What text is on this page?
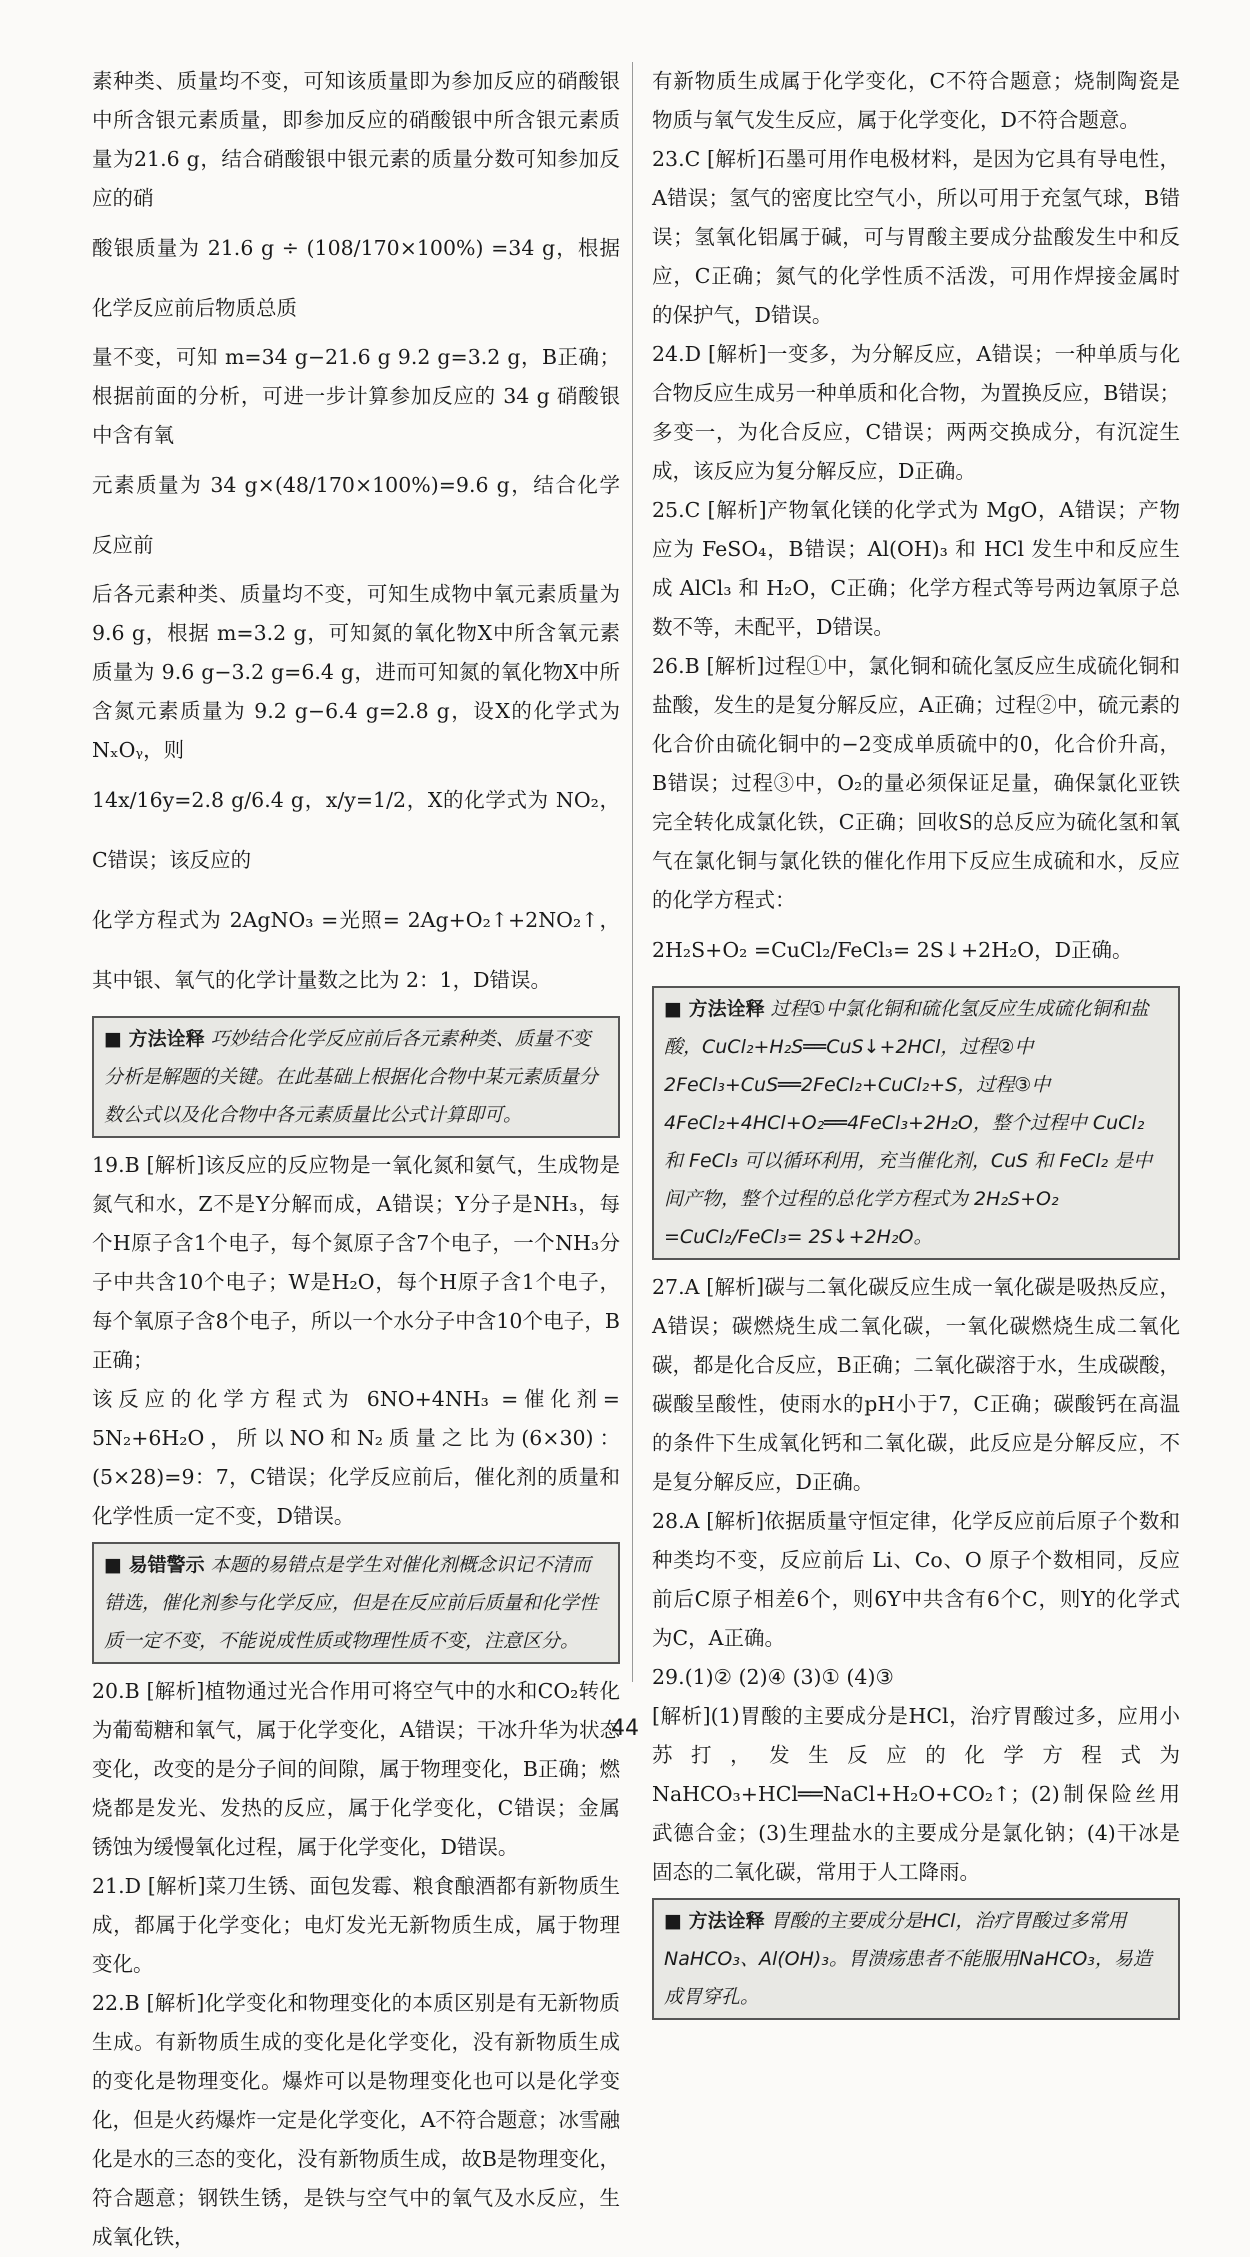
素种类、质量均不变，可知该质量即为参加反应的硝酸银中所含银元素质量，即参加反应的硝酸银中所含银元素质量为21.6 g，结合硝酸银中银元素的质量分数可知参加反应的硝

酸银质量为 21.6 g ÷ (108/170×100%) =34 g，根据化学反应前后物质总质

量不变，可知 m=34 g−21.6 g 9.2 g=3.2 g，B正确；根据前面的分析，可进一步计算参加反应的 34 g 硝酸银中含有氧

元素质量为 34 g×(48/170×100%)=9.6 g，结合化学反应前

后各元素种类、质量均不变，可知生成物中氧元素质量为9.6 g，根据 m=3.2 g，可知氮的氧化物X中所含氧元素质量为 9.6 g−3.2 g=6.4 g，进而可知氮的氧化物X中所含氮元素质量为 9.2 g−6.4 g=2.8 g，设X的化学式为 NₓOᵧ，则

14x/16y=2.8 g/6.4 g，x/y=1/2，X的化学式为 NO₂，C错误；该反应的

化学方程式为 2AgNO₃ =光照= 2Ag+O₂↑+2NO₂↑，其中银、氧气的化学计量数之比为 2：1，D错误。

■ 方法诠释 巧妙结合化学反应前后各元素种类、质量不变分析是解题的关键。在此基础上根据化合物中某元素质量分数公式以及化合物中各元素质量比公式计算即可。

19.B [解析]该反应的反应物是一氧化氮和氨气，生成物是氮气和水，Z不是Y分解而成，A错误；Y分子是NH₃，每个H原子含1个电子，每个氮原子含7个电子，一个NH₃分子中共含10个电子；W是H₂O，每个H原子含1个电子，每个氧原子含8个电子，所以一个水分子中含10个电子，B正确；

该反应的化学方程式为 6NO+4NH₃ =催化剂= 5N₂+6H₂O，所以NO和N₂质量之比为(6×30)：(5×28)=9：7，C错误；化学反应前后，催化剂的质量和化学性质一定不变，D错误。

■ 易错警示 本题的易错点是学生对催化剂概念识记不清而错选，催化剂参与化学反应，但是在反应前后质量和化学性质一定不变，不能说成性质或物理性质不变，注意区分。

20.B [解析]植物通过光合作用可将空气中的水和CO₂转化为葡萄糖和氧气，属于化学变化，A错误；干冰升华为状态变化，改变的是分子间的间隙，属于物理变化，B正确；燃烧都是发光、发热的反应，属于化学变化，C错误；金属锈蚀为缓慢氧化过程，属于化学变化，D错误。

21.D [解析]菜刀生锈、面包发霉、粮食酿酒都有新物质生成，都属于化学变化；电灯发光无新物质生成，属于物理变化。

22.B [解析]化学变化和物理变化的本质区别是有无新物质生成。有新物质生成的变化是化学变化，没有新物质生成的变化是物理变化。爆炸可以是物理变化也可以是化学变化，但是火药爆炸一定是化学变化，A不符合题意；冰雪融化是水的三态的变化，没有新物质生成，故B是物理变化，符合题意；钢铁生锈，是铁与空气中的氧气及水反应，生成氧化铁，

有新物质生成属于化学变化，C不符合题意；烧制陶瓷是物质与氧气发生反应，属于化学变化，D不符合题意。

23.C [解析]石墨可用作电极材料，是因为它具有导电性，A错误；氢气的密度比空气小，所以可用于充氢气球，B错误；氢氧化铝属于碱，可与胃酸主要成分盐酸发生中和反应，C正确；氮气的化学性质不活泼，可用作焊接金属时的保护气，D错误。

24.D [解析]一变多，为分解反应，A错误；一种单质与化合物反应生成另一种单质和化合物，为置换反应，B错误；多变一，为化合反应，C错误；两两交换成分，有沉淀生成，该反应为复分解反应，D正确。

25.C [解析]产物氧化镁的化学式为 MgO，A错误；产物应为 FeSO₄，B错误；Al(OH)₃ 和 HCl 发生中和反应生成 AlCl₃ 和 H₂O，C正确；化学方程式等号两边氧原子总数不等，未配平，D错误。

26.B [解析]过程①中，氯化铜和硫化氢反应生成硫化铜和盐酸，发生的是复分解反应，A正确；过程②中，硫元素的化合价由硫化铜中的−2变成单质硫中的0，化合价升高，B错误；过程③中，O₂的量必须保证足量，确保氯化亚铁完全转化成氯化铁，C正确；回收S的总反应为硫化氢和氧气在氯化铜与氯化铁的催化作用下反应生成硫和水，反应的化学方程式：

2H₂S+O₂ =CuCl₂/FeCl₃= 2S↓+2H₂O，D正确。

■ 方法诠释 过程①中氯化铜和硫化氢反应生成硫化铜和盐酸，CuCl₂+H₂S══CuS↓+2HCl，过程②中 2FeCl₃+CuS══2FeCl₂+CuCl₂+S，过程③中 4FeCl₂+4HCl+O₂══4FeCl₃+2H₂O，整个过程中 CuCl₂ 和 FeCl₃ 可以循环利用，充当催化剂，CuS 和 FeCl₂ 是中间产物，整个过程的总化学方程式为 2H₂S+O₂ =CuCl₂/FeCl₃= 2S↓+2H₂O。

27.A [解析]碳与二氧化碳反应生成一氧化碳是吸热反应，A错误；碳燃烧生成二氧化碳，一氧化碳燃烧生成二氧化碳，都是化合反应，B正确；二氧化碳溶于水，生成碳酸，碳酸呈酸性，使雨水的pH小于7，C正确；碳酸钙在高温的条件下生成氧化钙和二氧化碳，此反应是分解反应，不是复分解反应，D正确。

28.A [解析]依据质量守恒定律，化学反应前后原子个数和种类均不变，反应前后 Li、Co、O 原子个数相同，反应前后C原子相差6个，则6Y中共含有6个C，则Y的化学式为C，A正确。

29.(1)② (2)④ (3)① (4)③

[解析](1)胃酸的主要成分是HCl，治疗胃酸过多，应用小苏打，发生反应的化学方程式为 NaHCO₃+HCl══NaCl+H₂O+CO₂↑；(2)制保险丝用武德合金；(3)生理盐水的主要成分是氯化钠；(4)干冰是固态的二氧化碳，常用于人工降雨。

■ 方法诠释 胃酸的主要成分是HCl，治疗胃酸过多常用NaHCO₃、Al(OH)₃。胃溃疡患者不能服用NaHCO₃，易造成胃穿孔。
44
